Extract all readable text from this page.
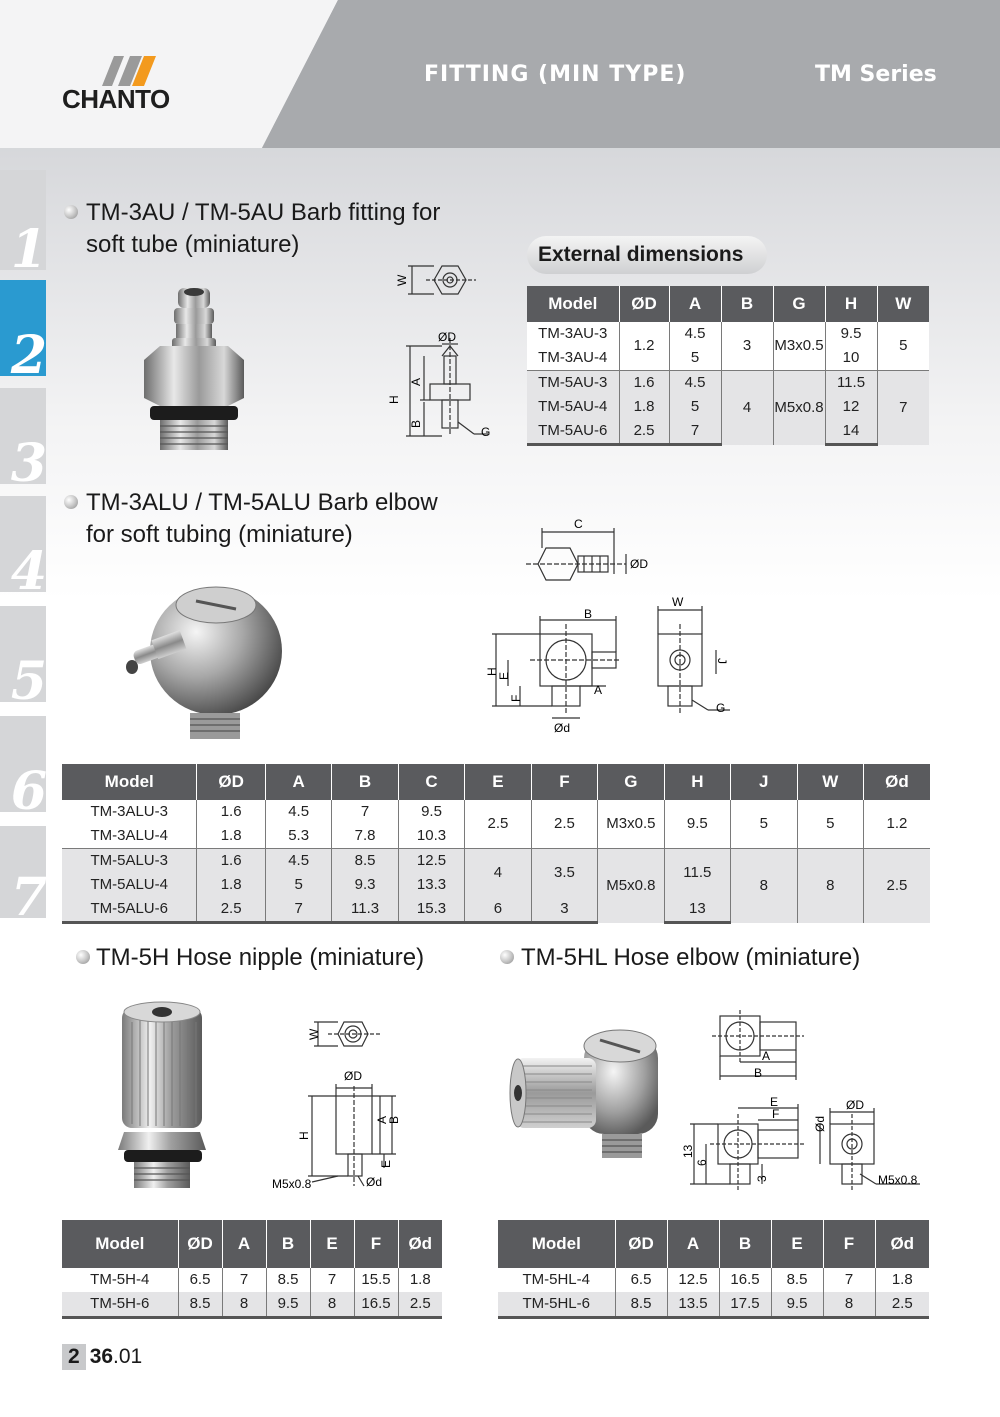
CHANTO
FITTING (MIN TYPE)	TM Series
1
2
3
4
5
6
7
TM-3AU / TM-5AU Barb fitting for
soft tube (miniature)
W
ØD
H
A
B
G
External dimensions
Model	ØD	A	B	G	H	W
TM-3AU-3	1.2	4.5	3	M3x0.5	9.5	5
TM-3AU-4		5			10	
TM-5AU-3	1.6	4.5	4	M5x0.8	11.5	7
TM-5AU-4	1.8	5			12	
TM-5AU-6	2.5	7			14	
TM-3ALU / TM-5ALU Barb elbow
for soft tubing (miniature)	C
ØD
B
W
H
E
F
A
J
G
Ød
Model	ØD	A	B	C	E	F	G	H	J	W	Ød
TM-3ALU-3	1.6	4.5	7	9.5	2.5	2.5	M3x0.5	9.5	5	5	1.2
TM-3ALU-4	1.8	5.3	7.8	10.3							
TM-5ALU-3	1.6	4.5	8.5	12.5	4	3.5	M5x0.8	11.5	8	8	2.5
TM-5ALU-4	1.8	5	9.3	13.3							
TM-5ALU-6	2.5	7	11.3	15.3	6	3		13			
TM-5H Hose nipple (miniature)
W
ØD
H
A
B
E
M5x0.8	Ød
Model	ØD	A	B	E	F	Ød
TM-5H-4	6.5	7	8.5	7	15.5	1.8
TM-5H-6	8.5	8	9.5	8	16.5	2.5
TM-5HL Hose elbow (miniature)
A
B
E
F
ØD
Ød
13
6
3	M5x0.8
Model	ØD	A	B	E	F	Ød
TM-5HL-4	6.5	12.5	16.5	8.5	7	1.8
TM-5HL-6	8.5	13.5	17.5	9.5	8	2.5
2 36.01
